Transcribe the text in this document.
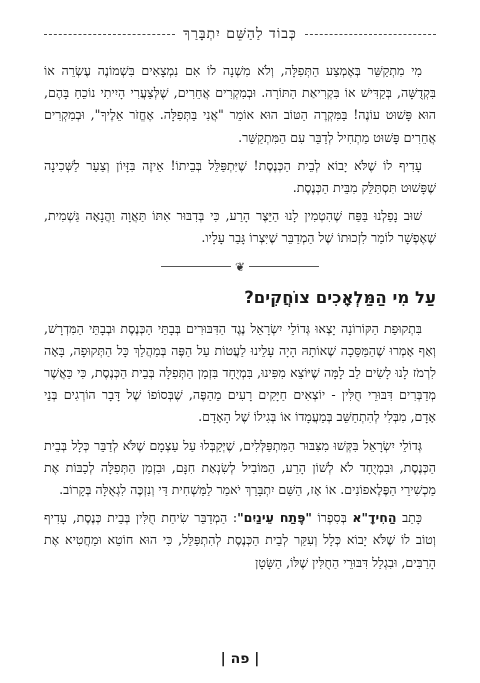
כְּבוֹד לַהַשֵּׁם יִתְבָּרַךְ

מִי מִתְקַשֵּׁר בְּאֶמְצַע הַתְּפִלָּה, וְלֹא מִשְׁנָה לוֹ אִם נִמְצָאִים בִּשְׁמוֹנֶה עֶשְׂרֵה אוֹ בִּקְדֻשָּׁה, בְּקַדִּישׁ אוֹ בִּקְרִיאַת הַתּוֹרָה. וּבְמִקְרִים אֲחֵרִים, שֶׁלְּצַעֲרִי הָיִיתִי נוֹכֵחַ בָּהֶם, הוּא פָּשׁוּט עוֹנֶה! בַּמִּקְרֶה הַטּוֹב הוּא אוֹמֵר "אֲנִי בַּתְּפִלָּה. אֶחֱזֹר אֵלֶיךָ", וּבְמִקְרִים אֲחֵרִים פָּשׁוּט מַתְחִיל לְדַבֵּר עִם הַמִּתְקַשֵּׁר.

עָדִיף לוֹ שֶׁלֹּא יָבוֹא לְבֵית הַכְּנֶסֶת! שֶׁיִּתְפַּלֵּל בְּבֵיתוֹ! אֵיזֶה בִּזָּיוֹן וְצַעַר לַשְּׁכִינָה שֶׁפָּשׁוּט תִּסְתַּלֵּק מִבֵּית הַכְּנֶסֶת.

שׁוּב נָפַלְנוּ בַּפַּח שֶׁהִטְמִין לָנוּ הַיֵּצֶר הָרַע, כִּי בְּדִבּוּר אִתּוֹ תַּאֲוָה וַהֲנָאָה גַּשְׁמִית, שֶׁאֶפְשָׁר לוֹמַר לִזְכוּתוֹ שֶׁל הַמְדַבֵּר שֶׁיִּצְרוֹ גָּבַר עָלָיו.

❦
עַל מִי הַמַּלְאָכִים צוֹחֲקִים?

בִּתְקוּפַת הַקּוֹרוֹנָה יָצְאוּ גְּדוֹלֵי יִשְׂרָאֵל נֶגֶד הַדִּבּוּרִים בְּבָתֵּי הַכְּנֶסֶת וּבְבָתֵּי הַמִּדְרָשׁ, וְאַף אָמְרוּ שֶׁהַמַּסֵּכָה שֶׁאוֹתָהּ הָיָה עָלֵינוּ לַעֲטוֹת עַל הַפֶּה בְּמַהֲלַךְ כָּל הַתְּקוּפָה, בָּאָה לִרְמֹז לָנוּ לָשִׂים לֵב לָמָּה שֶׁיּוֹצֵא מִפִּינוּ, בִּמְיֻחָד בִּזְמַן הַתְּפִלָּה בְּבֵית הַכְּנֶסֶת, כִּי כַּאֲשֶׁר מְדַבְּרִים דִּבּוּרֵי חֻלִּין - יוֹצְאִים חַיָּקִים רָעִים מֵהַפֶּה, שֶׁבְּסוֹפוֹ שֶׁל דָּבָר הוֹרְגִים בְּנֵי אָדָם, מִבְּלִי לְהִתְחַשֵּׁב בְּמַעֲמָדוֹ אוֹ בְּגִילוֹ שֶׁל הָאָדָם.

גְּדוֹלֵי יִשְׂרָאֵל בִּקְּשׁוּ מִצִּבּוּר הַמִּתְפַּלְּלִים, שֶׁיְּקַבְּלוּ עַל עַצְמָם שֶׁלֹּא לְדַבֵּר כְּלָל בְּבֵית הַכְּנֶסֶת, וּבִמְיֻחָד לֹא לְשׁוֹן הָרַע, הַמּוֹבִיל לְשִׂנְאַת חִנָּם, וּבִזְמַן הַתְּפִלָּה לְכַבּוֹת אֶת מַכְשִׁירֵי הַפֶּלֶאפוֹנִים. אוֹ אָז, הַשֵּׁם יִתְבָּרַךְ יֹאמַר לַמַּשְׁחִית דַּי וְנִזְכֶּה לִגְאֻלָּה בְּקָרוֹב.

כָּתַב הַחִידָ"א בְּסִפְרוֹ "פֶּתַח עֵינַיִם": הַמְדַבֵּר שִׂיחַת חֻלִּין בְּבֵית כְּנֶסֶת, עָדִיף וְטוֹב לוֹ שֶׁלֹּא יָבוֹא כְּלָל וְעִקַּר לְבֵית הַכְּנֶסֶת לְהִתְפַּלֵּל, כִּי הוּא חוֹטֵא וּמַחֲטִיא אֶת הָרַבִּים, וּבִגְלַל דִּבּוּרֵי הַחֻלִּין שֶׁלּוֹ, הַשָּׂטָן

| פה |
